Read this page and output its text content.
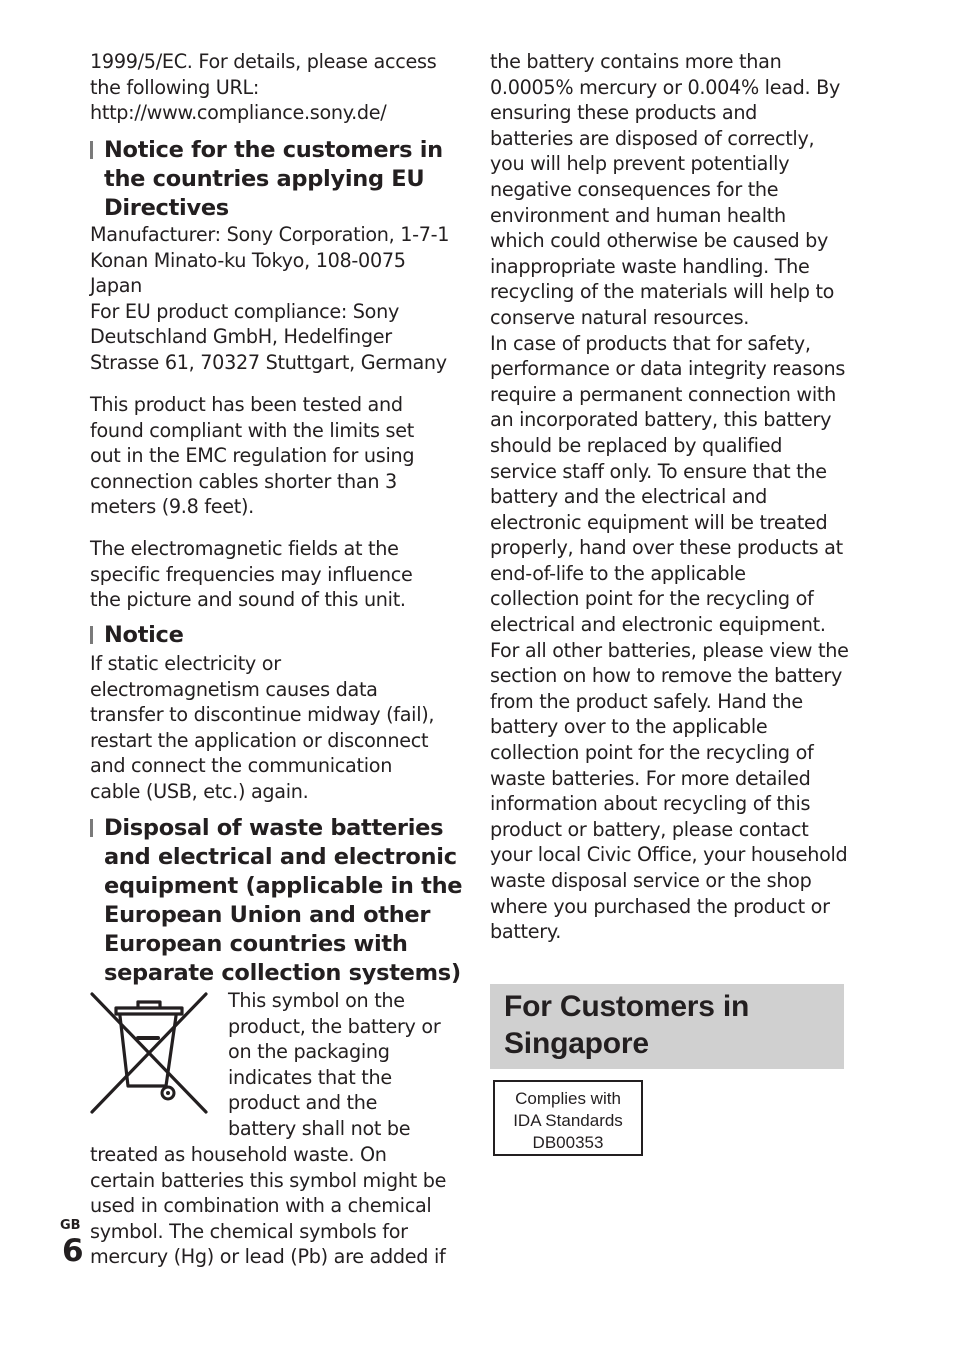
1999/5/EC. For details, please access
the following URL:
http://www.compliance.sony.de/
Notice for the customers in
the countries applying EU
Directives
Manufacturer: Sony Corporation, 1-7-1
Konan Minato-ku Tokyo, 108-0075
Japan
For EU product compliance: Sony
Deutschland GmbH, Hedelfinger
Strasse 61, 70327 Stuttgart, Germany
This product has been tested and
found compliant with the limits set
out in the EMC regulation for using
connection cables shorter than 3
meters (9.8 feet).
The electromagnetic fields at the
specific frequencies may influence
the picture and sound of this unit.
Notice
If static electricity or
electromagnetism causes data
transfer to discontinue midway (fail),
restart the application or disconnect
and connect the communication
cable (USB, etc.) again.
Disposal of waste batteries
and electrical and electronic
equipment (applicable in the
European Union and other
European countries with
separate collection systems)
This symbol on the
product, the battery or
on the packaging
indicates that the
product and the
battery shall not be
treated as household waste. On
certain batteries this symbol might be
used in combination with a chemical
symbol. The chemical symbols for
mercury (Hg) or lead (Pb) are added if
the battery contains more than
0.0005% mercury or 0.004% lead. By
ensuring these products and
batteries are disposed of correctly,
you will help prevent potentially
negative consequences for the
environment and human health
which could otherwise be caused by
inappropriate waste handling. The
recycling of the materials will help to
conserve natural resources.
In case of products that for safety,
performance or data integrity reasons
require a permanent connection with
an incorporated battery, this battery
should be replaced by qualified
service staff only. To ensure that the
battery and the electrical and
electronic equipment will be treated
properly, hand over these products at
end-of-life to the applicable
collection point for the recycling of
electrical and electronic equipment.
For all other batteries, please view the
section on how to remove the battery
from the product safely. Hand the
battery over to the applicable
collection point for the recycling of
waste batteries. For more detailed
information about recycling of this
product or battery, please contact
your local Civic Office, your household
waste disposal service or the shop
where you purchased the product or
battery.
For Customers in
Singapore
Complies with
IDA Standards
DB00353
GB
6
